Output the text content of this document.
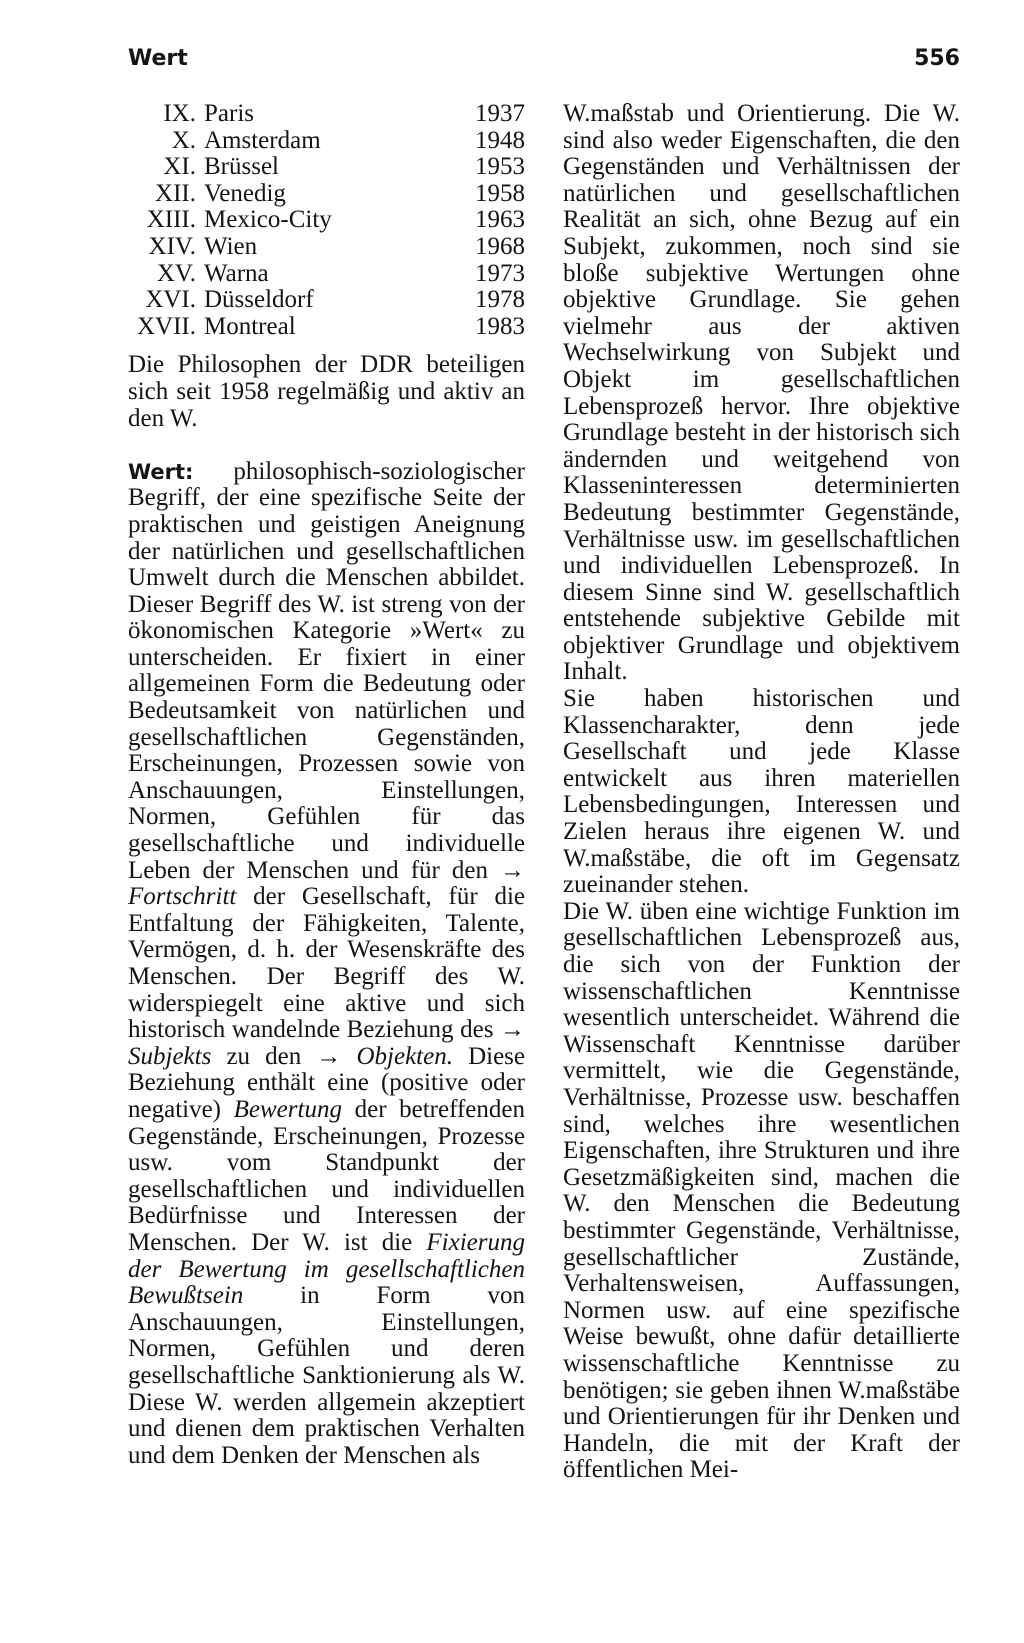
Wert	556
IX. Paris	1937
X. Amsterdam	1948
XI. Brüssel	1953
XII. Venedig	1958
XIII. Mexico-City	1963
XIV. Wien	1968
XV. Warna	1973
XVI. Düsseldorf	1978
XVII. Montreal	1983

Die Philosophen der DDR beteiligen sich seit 1958 regelmäßig und aktiv an den W.

Wert: philosophisch-soziologischer Begriff, der eine spezifische Seite der praktischen und geistigen Aneignung der natürlichen und gesellschaftlichen Umwelt durch die Menschen abbildet. Dieser Begriff des W. ist streng von der ökonomischen Kategorie »Wert« zu unterscheiden. Er fixiert in einer allgemeinen Form die Bedeutung oder Bedeutsamkeit von natürlichen und gesellschaftlichen Gegenständen, Erscheinungen, Prozessen sowie von Anschauungen, Einstellungen, Normen, Gefühlen für das gesellschaftliche und individuelle Leben der Menschen und für den → Fortschritt der Gesellschaft, für die Entfaltung der Fähigkeiten, Talente, Vermögen, d. h. der Wesenskräfte des Menschen. Der Begriff des W. widerspiegelt eine aktive und sich historisch wandelnde Beziehung des → Subjekts zu den → Objekten. Diese Beziehung enthält eine (positive oder negative) Bewertung der betreffenden Gegenstände, Erscheinungen, Prozesse usw. vom Standpunkt der gesellschaftlichen und individuellen Bedürfnisse und Interessen der Menschen. Der W. ist die Fixierung der Bewertung im gesellschaftlichen Bewußtsein in Form von Anschauungen, Einstellungen, Normen, Gefühlen und deren gesellschaftliche Sanktionierung als W. Diese W. werden allgemein akzeptiert und dienen dem praktischen Verhalten und dem Denken der Menschen als

W.maßstab und Orientierung. Die W. sind also weder Eigenschaften, die den Gegenständen und Verhältnissen der natürlichen und gesellschaftlichen Realität an sich, ohne Bezug auf ein Subjekt, zukommen, noch sind sie bloße subjektive Wertungen ohne objektive Grundlage. Sie gehen vielmehr aus der aktiven Wechselwirkung von Subjekt und Objekt im gesellschaftlichen Lebensprozeß hervor. Ihre objektive Grundlage besteht in der historisch sich ändernden und weitgehend von Klasseninteressen determinierten Bedeutung bestimmter Gegenstände, Verhältnisse usw. im gesellschaftlichen und individuellen Lebensprozeß. In diesem Sinne sind W. gesellschaftlich entstehende subjektive Gebilde mit objektiver Grundlage und objektivem Inhalt.

Sie haben historischen und Klassencharakter, denn jede Gesellschaft und jede Klasse entwickelt aus ihren materiellen Lebensbedingungen, Interessen und Zielen heraus ihre eigenen W. und W.maßstäbe, die oft im Gegensatz zueinander stehen.

Die W. üben eine wichtige Funktion im gesellschaftlichen Lebensprozeß aus, die sich von der Funktion der wissenschaftlichen Kenntnisse wesentlich unterscheidet. Während die Wissenschaft Kenntnisse darüber vermittelt, wie die Gegenstände, Verhältnisse, Prozesse usw. beschaffen sind, welches ihre wesentlichen Eigenschaften, ihre Strukturen und ihre Gesetzmäßigkeiten sind, machen die W. den Menschen die Bedeutung bestimmter Gegenstände, Verhältnisse, gesellschaftlicher Zustände, Verhaltensweisen, Auffassungen, Normen usw. auf eine spezifische Weise bewußt, ohne dafür detaillierte wissenschaftliche Kenntnisse zu benötigen; sie geben ihnen W.maßstäbe und Orientierungen für ihr Denken und Handeln, die mit der Kraft der öffentlichen Mei-
